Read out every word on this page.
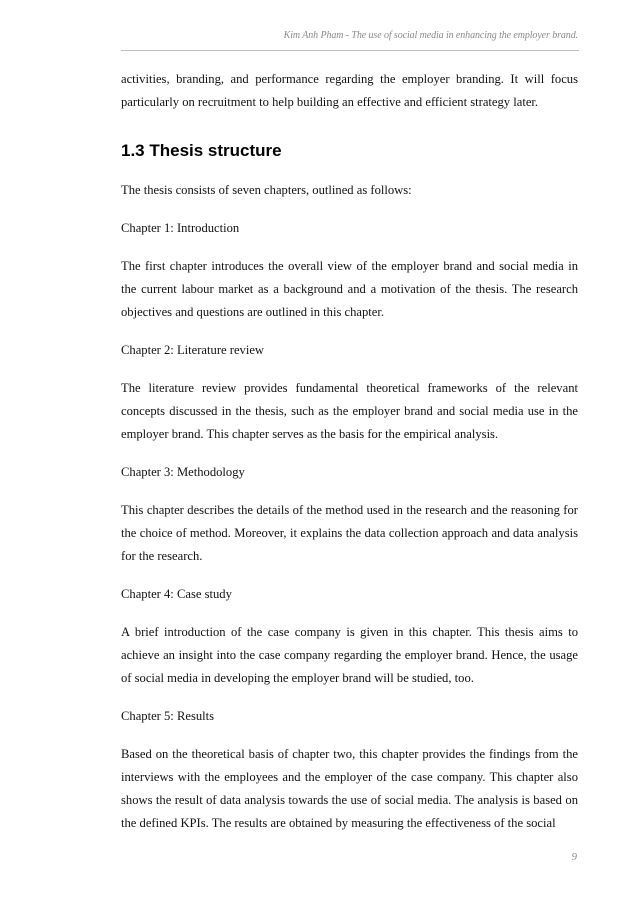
Kim Anh Pham - The use of social media in enhancing the employer brand.

activities, branding, and performance regarding the employer branding. It will focus particularly on recruitment to help building an effective and efficient strategy later.

1.3 Thesis structure

The thesis consists of seven chapters, outlined as follows:

Chapter 1: Introduction

The first chapter introduces the overall view of the employer brand and social media in the current labour market as a background and a motivation of the thesis. The research objectives and questions are outlined in this chapter.

Chapter 2: Literature review

The literature review provides fundamental theoretical frameworks of the relevant concepts discussed in the thesis, such as the employer brand and social media use in the employer brand. This chapter serves as the basis for the empirical analysis.

Chapter 3: Methodology

This chapter describes the details of the method used in the research and the reasoning for the choice of method. Moreover, it explains the data collection approach and data analysis for the research.

Chapter 4: Case study

A brief introduction of the case company is given in this chapter. This thesis aims to achieve an insight into the case company regarding the employer brand. Hence, the usage of social media in developing the employer brand will be studied, too.

Chapter 5: Results

Based on the theoretical basis of chapter two, this chapter provides the findings from the interviews with the employees and the employer of the case company. This chapter also shows the result of data analysis towards the use of social media. The analysis is based on the defined KPIs. The results are obtained by measuring the effectiveness of the social

9
